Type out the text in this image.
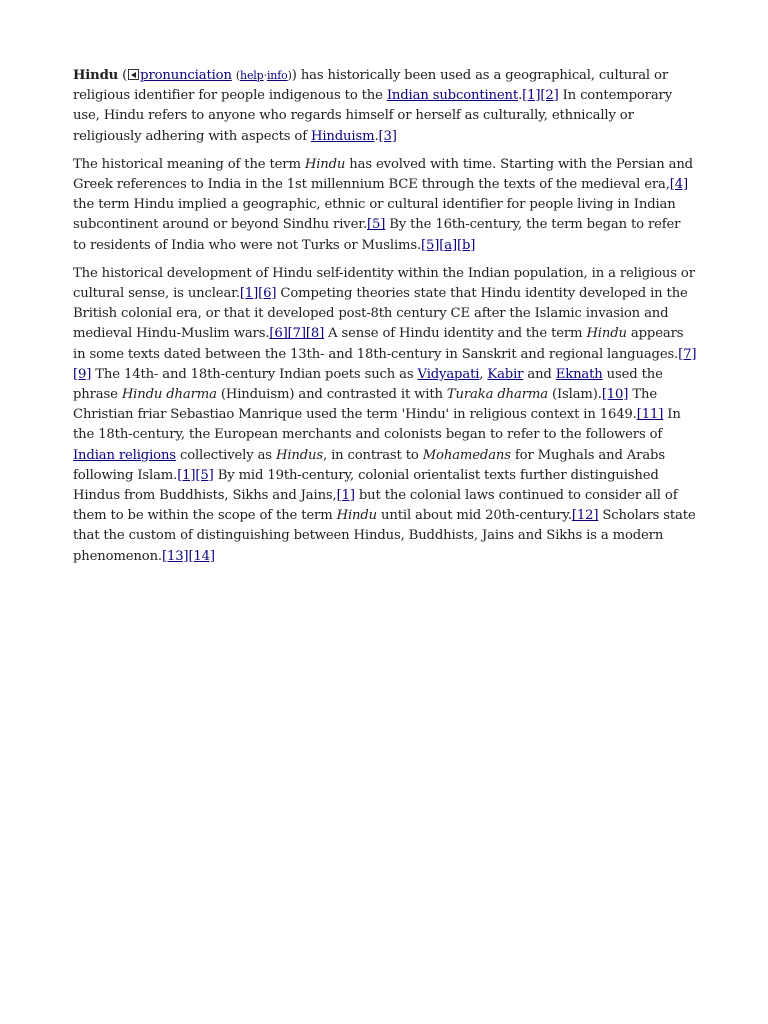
Hindu ( pronunciation (help·info)) has historically been used as a geographical, cultural or religious identifier for people indigenous to the Indian subcontinent.[1][2] In contemporary use, Hindu refers to anyone who regards himself or herself as culturally, ethnically or religiously adhering with aspects of Hinduism.[3]

The historical meaning of the term Hindu has evolved with time. Starting with the Persian and Greek references to India in the 1st millennium BCE through the texts of the medieval era,[4] the term Hindu implied a geographic, ethnic or cultural identifier for people living in Indian subcontinent around or beyond Sindhu river.[5] By the 16th-century, the term began to refer to residents of India who were not Turks or Muslims.[5][a][b]

The historical development of Hindu self-identity within the Indian population, in a religious or cultural sense, is unclear.[1][6] Competing theories state that Hindu identity developed in the British colonial era, or that it developed post-8th century CE after the Islamic invasion and medieval Hindu-Muslim wars.[6][7][8] A sense of Hindu identity and the term Hindu appears in some texts dated between the 13th- and 18th-century in Sanskrit and regional languages.[7][9] The 14th- and 18th-century Indian poets such as Vidyapati, Kabir and Eknath used the phrase Hindu dharma (Hinduism) and contrasted it with Turaka dharma (Islam).[10] The Christian friar Sebastiao Manrique used the term 'Hindu' in religious context in 1649.[11] In the 18th-century, the European merchants and colonists began to refer to the followers of Indian religions collectively as Hindus, in contrast to Mohamedans for Mughals and Arabs following Islam.[1][5] By mid 19th-century, colonial orientalist texts further distinguished Hindus from Buddhists, Sikhs and Jains,[1] but the colonial laws continued to consider all of them to be within the scope of the term Hindu until about mid 20th-century.[12] Scholars state that the custom of distinguishing between Hindus, Buddhists, Jains and Sikhs is a modern phenomenon.[13][14]
